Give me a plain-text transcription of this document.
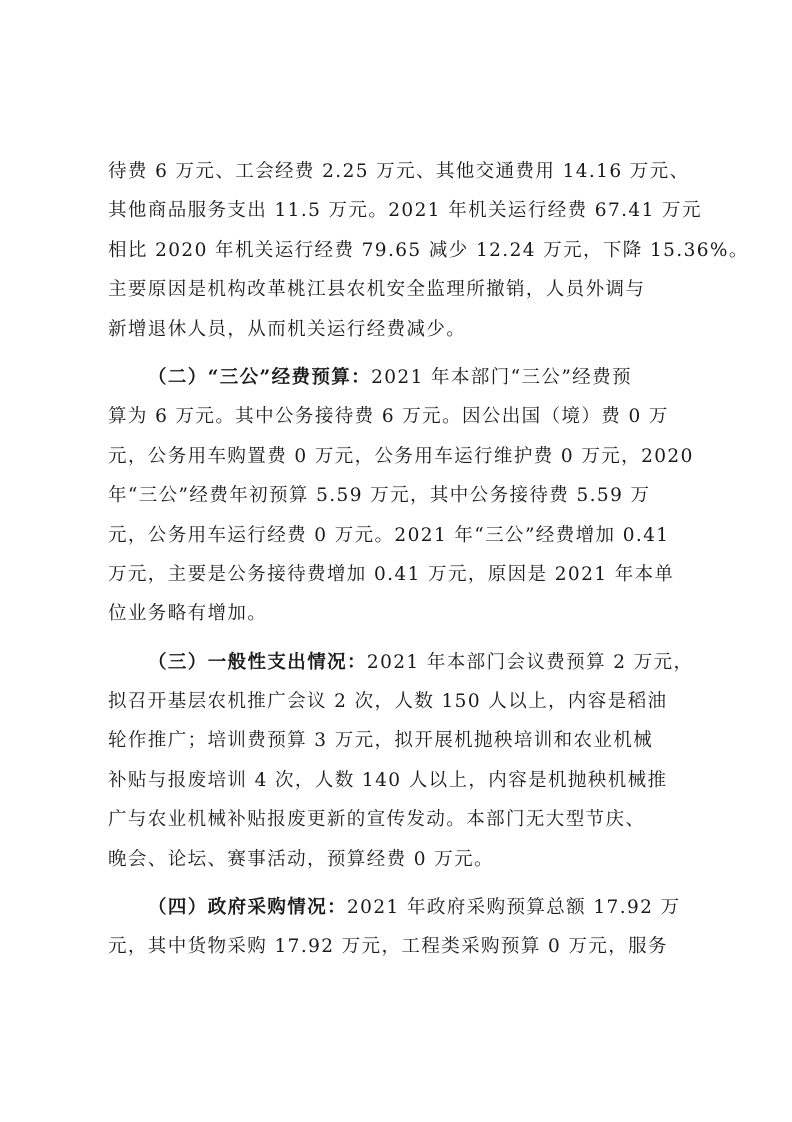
待费 6 万元、工会经费 2.25 万元、其他交通费用 14.16 万元、
其他商品服务支出 11.5 万元。2021 年机关运行经费 67.41 万元
相比 2020 年机关运行经费 79.65 减少 12.24 万元，下降 15.36%。
主要原因是机构改革桃江县农机安全监理所撤销，人员外调与
新增退休人员，从而机关运行经费减少。
（二）“三公”经费预算：2021 年本部门“三公”经费预
算为 6 万元。其中公务接待费 6 万元。因公出国（境）费 0 万
元，公务用车购置费 0 万元，公务用车运行维护费 0 万元，2020
年“三公”经费年初预算 5.59 万元，其中公务接待费 5.59 万
元，公务用车运行经费 0 万元。2021 年“三公”经费增加 0.41
万元，主要是公务接待费增加 0.41 万元，原因是 2021 年本单
位业务略有增加。
（三）一般性支出情况：2021 年本部门会议费预算 2 万元，
拟召开基层农机推广会议 2 次，人数 150 人以上，内容是稻油
轮作推广；培训费预算 3 万元，拟开展机抛秧培训和农业机械
补贴与报废培训 4 次，人数 140 人以上，内容是机抛秧机械推
广与农业机械补贴报废更新的宣传发动。本部门无大型节庆、
晚会、论坛、赛事活动，预算经费 0 万元。
（四）政府采购情况：2021 年政府采购预算总额 17.92 万
元，其中货物采购 17.92 万元，工程类采购预算 0 万元，服务
